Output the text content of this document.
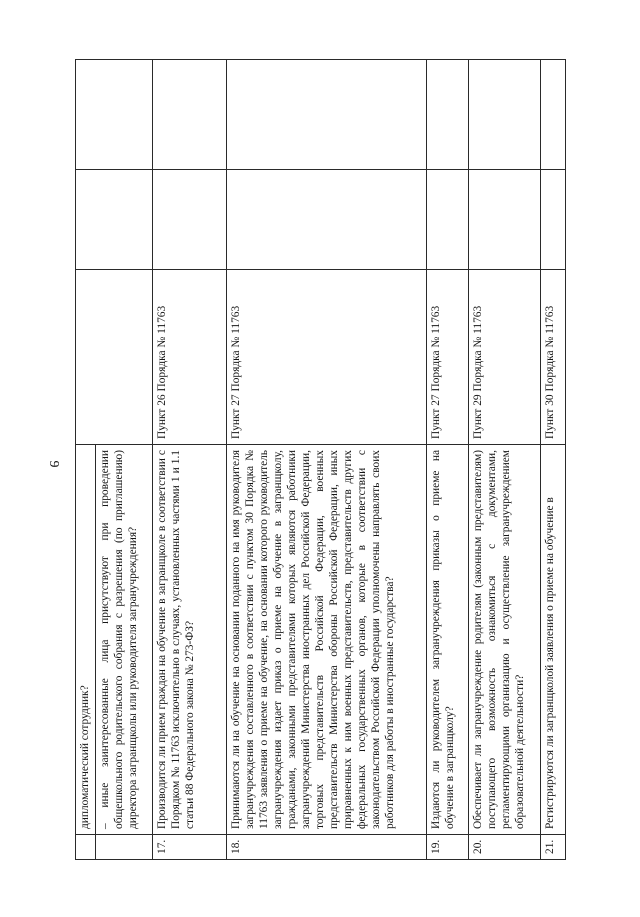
9
	дипломатический сотрудник?			
	– иные заинтересованные лица присутствуют при проведении общешкольного родительского собрания с разрешения (по приглашению) директора загранщколы или руководителя загранучреждения?			
17.	Производится ли прием граждан на обучение в загранщколе в соответствии с Порядком № 11763 исключительно в случаях, установленных частями 1 и 1.1 статьи 88 Федерального закона № 273-ФЗ?	Пункт 26 Порядка № 11763		
18.	Принимаются ли на обучение на основании поданного на имя руководителя загранучреждения составленного в соответствии с пунктом 30 Порядка № 11763 заявления о приеме на обучение, на основании которого руководитель загранучреждения издает приказ о приеме на обучение в загранщколу, гражданами, законными представителями которых являются работники загранучреждений Министерства иностранных дел Российской Федерации, торговых представительств Российской Федерации, военных представительств Министерства обороны Российской Федерации, иных приравненных к ним военных представительств, представительств других федеральных государственных органов, которые в соответствии с законодательством Российской Федерации уполномочены направлять своих работников для работы в иностранные государства?	Пункт 27 Порядка № 11763		
19.	Издаются ли руководителем загранучреждения приказы о приеме на обучение в загранщколу?	Пункт 27 Порядка № 11763		
20.	Обеспечивает ли загранучреждение родителям (законным представителям) поступающего возможность ознакомиться с документами, регламентирующими организацию и осуществление загранучреждением образовательной деятельности?	Пункт 29 Порядка № 11763		
21.	Регистрируются ли загранщколой заявления о приеме на обучение в	Пункт 30 Порядка № 11763		
